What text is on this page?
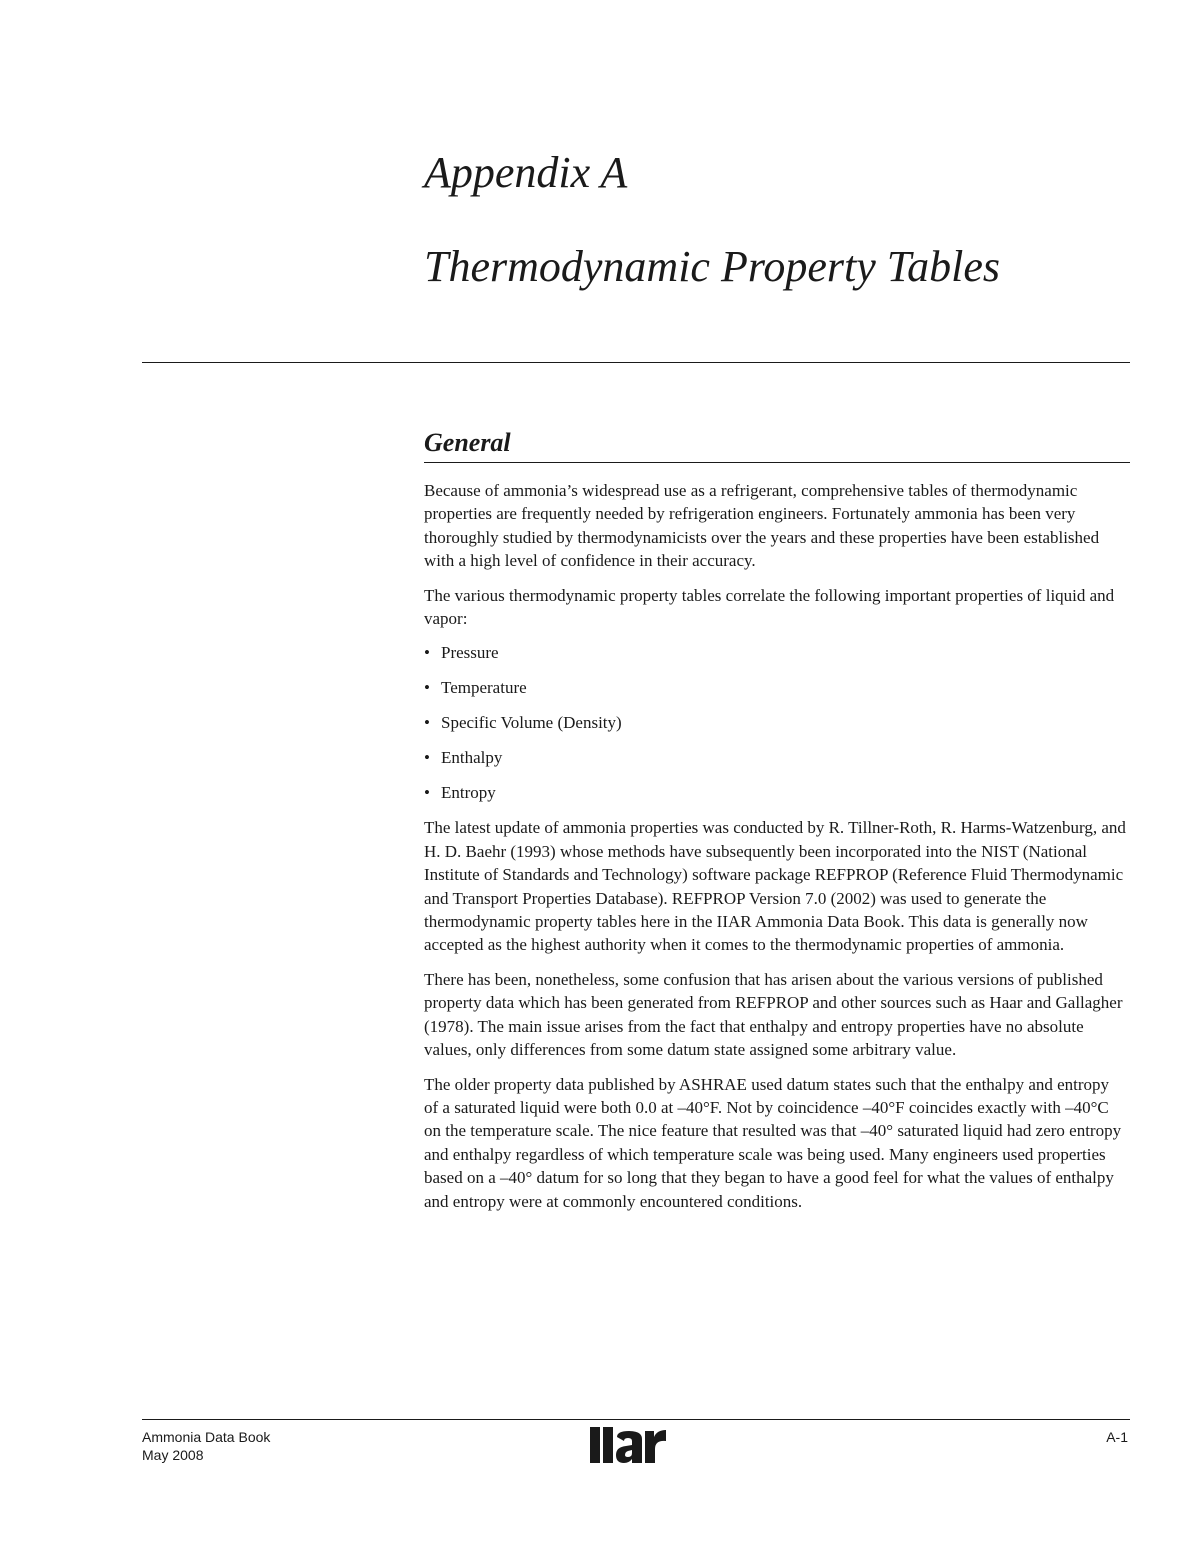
Appendix A
Thermodynamic Property Tables
General

Because of ammonia’s widespread use as a refrigerant, comprehensive tables of thermodynamic properties are frequently needed by refrigeration engineers. Fortunately ammonia has been very thoroughly studied by thermodynamicists over the years and these properties have been established with a high level of confidence in their accuracy.

The various thermodynamic property tables correlate the following important properties of liquid and vapor:

• Pressure
• Temperature
• Specific Volume (Density)
• Enthalpy
• Entropy

The latest update of ammonia properties was conducted by R. Tillner-Roth, R. Harms-Watzenburg, and H. D. Baehr (1993) whose methods have subsequently been incorporated into the NIST (National Institute of Standards and Technology) software package REFPROP (Reference Fluid Thermodynamic and Transport Properties Database). REFPROP Version 7.0 (2002) was used to generate the thermodynamic property tables here in the IIAR Ammonia Data Book. This data is generally now accepted as the highest authority when it comes to the thermodynamic properties of ammonia.

There has been, nonetheless, some confusion that has arisen about the various versions of published property data which has been generated from REFPROP and other sources such as Haar and Gallagher (1978). The main issue arises from the fact that enthalpy and entropy properties have no absolute values, only differences from some datum state assigned some arbitrary value.

The older property data published by ASHRAE used datum states such that the enthalpy and entropy of a saturated liquid were both 0.0 at –40°F. Not by coincidence –40°F coincides exactly with –40°C on the temperature scale. The nice feature that resulted was that –40° saturated liquid had zero entropy and enthalpy regardless of which temperature scale was being used. Many engineers used properties based on a –40° datum for so long that they began to have a good feel for what the values of enthalpy and entropy were at commonly encountered conditions.

Ammonia Data Book
May 2008
A-1
